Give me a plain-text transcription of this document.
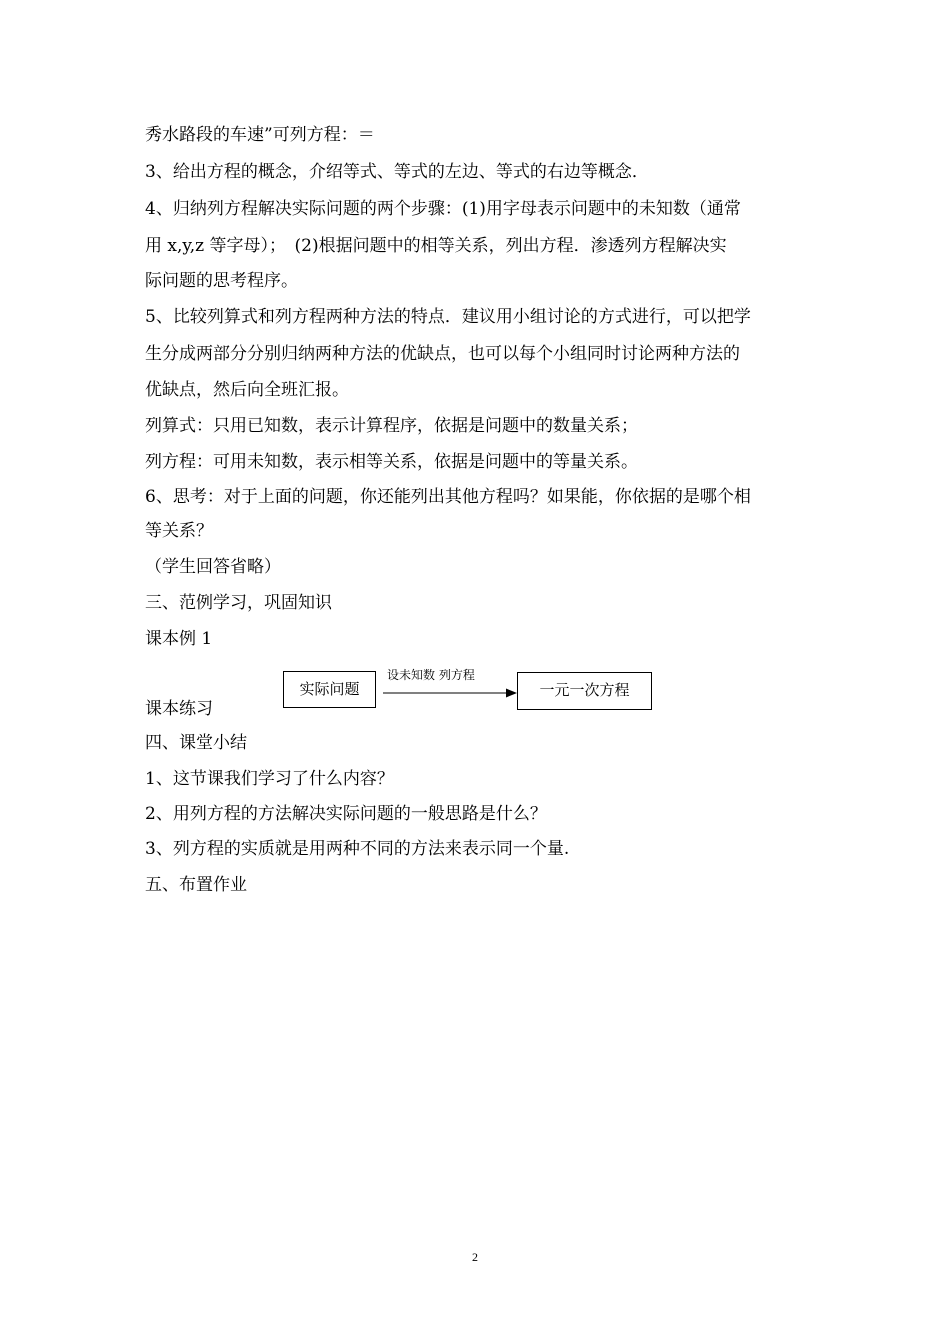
秀水路段的车速”可列方程：＝
3、给出方程的概念，介绍等式、等式的左边、等式的右边等概念．
4、归纳列方程解决实际问题的两个步骤：(1)用字母表示问题中的未知数（通常
用 x,y,z 等字母）；　(2)根据问题中的相等关系，列出方程．渗透列方程解决实
际问题的思考程序。
5、比较列算式和列方程两种方法的特点．建议用小组讨论的方式进行，可以把学
生分成两部分分别归纳两种方法的优缺点，也可以每个小组同时讨论两种方法的
优缺点，然后向全班汇报。
列算式：只用已知数，表示计算程序，依据是问题中的数量关系；
列方程：可用未知数，表示相等关系，依据是问题中的等量关系。
6、思考：对于上面的问题，你还能列出其他方程吗？如果能，你依据的是哪个相
等关系？
（学生回答省略）
三、范例学习，巩固知识
课本例 1
课本练习
四、课堂小结
1、这节课我们学习了什么内容？
2、用列方程的方法解决实际问题的一般思路是什么？
3、列方程的实质就是用两种不同的方法来表示同一个量.
五、布置作业
实际问题
设未知数 列方程
一元一次方程
2
